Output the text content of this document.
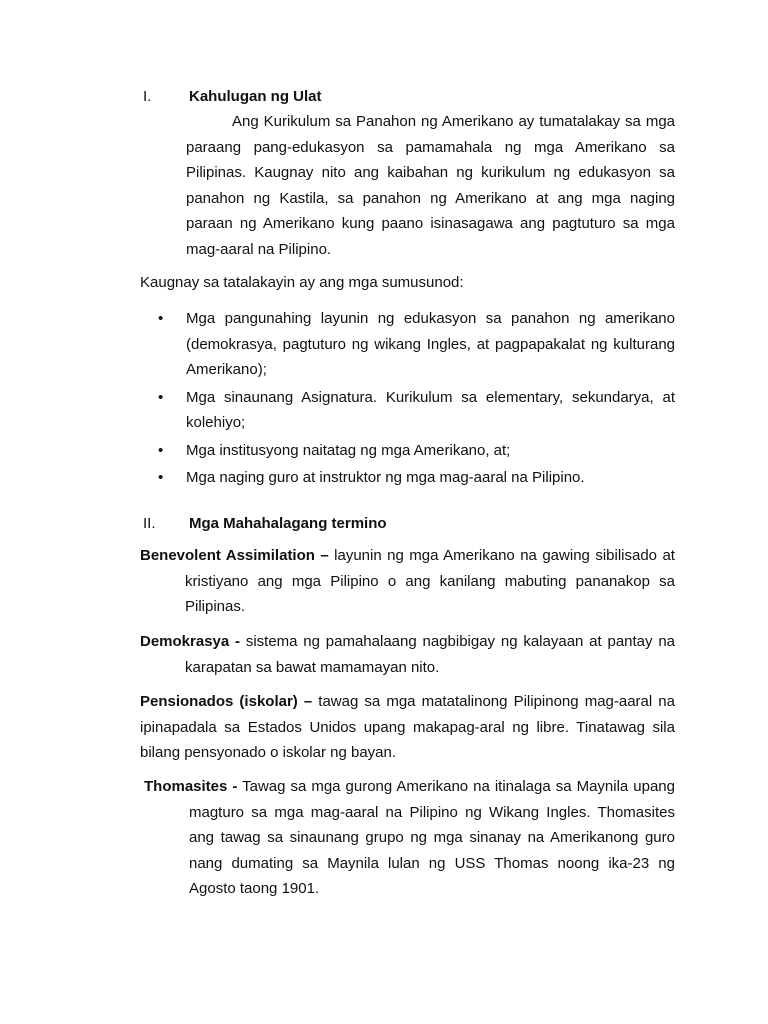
I.	Kahulugan ng Ulat
Ang Kurikulum sa Panahon ng Amerikano ay tumatalakay sa mga paraang pang-edukasyon sa pamamahala ng mga Amerikano sa Pilipinas. Kaugnay nito ang kaibahan ng kurikulum ng edukasyon sa panahon ng Kastila, sa panahon ng Amerikano at ang mga naging paraan ng Amerikano kung paano isinasagawa ang pagtuturo sa mga mag-aaral na Pilipino.
Kaugnay sa tatalakayin ay ang mga sumusunod:
• Mga pangunahing layunin ng edukasyon sa panahon ng amerikano (demokrasya, pagtuturo ng wikang Ingles, at pagpapakalat ng kulturang Amerikano);
• Mga sinaunang Asignatura. Kurikulum sa elementary, sekundarya, at kolehiyo;
• Mga institusyong naitatag ng mga Amerikano, at;
• Mga naging guro at instruktor ng mga mag-aaral na Pilipino.
II. Mga Mahahalagang termino
Benevolent Assimilation – layunin ng mga Amerikano na gawing sibilisado at kristiyano ang mga Pilipino o ang kanilang mabuting pananakop sa Pilipinas.
Demokrasya - sistema ng pamahalaang nagbibigay ng kalayaan at pantay na karapatan sa bawat mamamayan nito.
Pensionados (iskolar) – tawag sa mga matatalinong Pilipinong mag-aaral na ipinapadala sa Estados Unidos upang makapag-aral ng libre. Tinatawag sila bilang pensyonado o iskolar ng bayan.
Thomasites - Tawag sa mga gurong Amerikano na itinalaga sa Maynila upang magturo sa mga mag-aaral na Pilipino ng Wikang Ingles. Thomasites ang tawag sa sinaunang grupo ng mga sinanay na Amerikanong guro nang dumating sa Maynila lulan ng USS Thomas noong ika-23 ng Agosto taong 1901.
